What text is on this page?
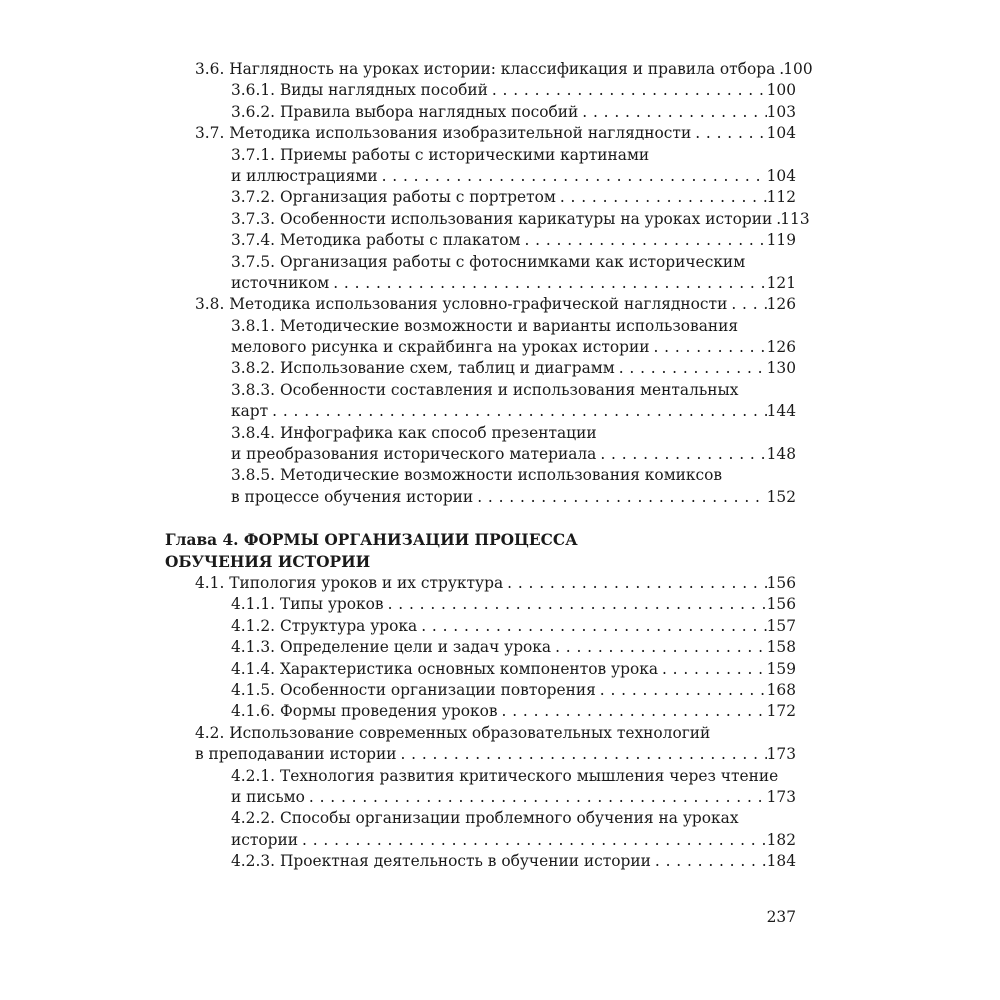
3.6. Наглядность на уроках истории: классификация и правила отбора . . . 100
3.6.1. Виды наглядных пособий . . .	100
3.6.2. Правила выбора наглядных пособий . . .	103
3.7. Методика использования изобразительной наглядности . . .	104
3.7.1. Приемы работы с историческими картинами
и иллюстрациями . . .	104
3.7.2. Организация работы с портретом . . .	112
3.7.3. Особенности использования карикатуры на уроках истории . . . 113
3.7.4. Методика работы с плакатом . . .	119
3.7.5. Организация работы с фотоснимками как историческим
источником . . .	121
3.8. Методика использования условно-графической наглядности . . .	126
3.8.1. Методические возможности и варианты использования
мелового рисунка и скрайбинга на уроках истории . . .	126
3.8.2. Использование схем, таблиц и диаграмм . . .	130
3.8.3. Особенности составления и использования ментальных
карт . . .	144
3.8.4. Инфографика как способ презентации
и преобразования исторического материала . . .	148
3.8.5. Методические возможности использования комиксов
в процессе обучения истории . . .	152
Глава 4. ФОРМЫ ОРГАНИЗАЦИИ ПРОЦЕССА
ОБУЧЕНИЯ ИСТОРИИ
4.1. Типология уроков и их структура . . .	156
4.1.1. Типы уроков . . .	156
4.1.2. Структура урока . . .	157
4.1.3. Определение цели и задач урока . . .	158
4.1.4. Характеристика основных компонентов урока . . .	159
4.1.5. Особенности организации повторения . . .	168
4.1.6. Формы проведения уроков . . .	172
4.2. Использование современных образовательных технологий
в преподавании истории . . .	173
4.2.1. Технология развития критического мышления через чтение
и письмо . . .	173
4.2.2. Способы организации проблемного обучения на уроках
истории . . .	182
4.2.3. Проектная деятельность в обучении истории . . .	184
237
